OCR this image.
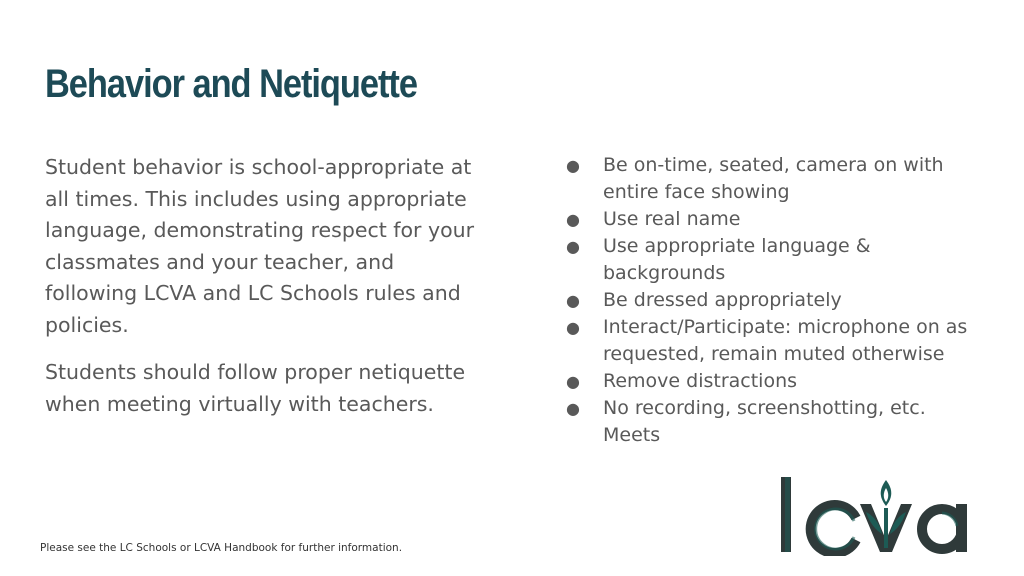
Behavior and Netiquette

Student behavior is school-appropriate at all times. This includes using appropriate language, demonstrating respect for your classmates and your teacher, and following LCVA and LC Schools rules and policies.

Students should follow proper netiquette when meeting virtually with teachers.

● Be on-time, seated, camera on with entire face showing
● Use real name
● Use appropriate language & backgrounds
● Be dressed appropriately
● Interact/Participate: microphone on as requested, remain muted otherwise
● Remove distractions
● No recording, screenshotting, etc. Meets
Please see the LC Schools or LCVA Handbook for further information.
